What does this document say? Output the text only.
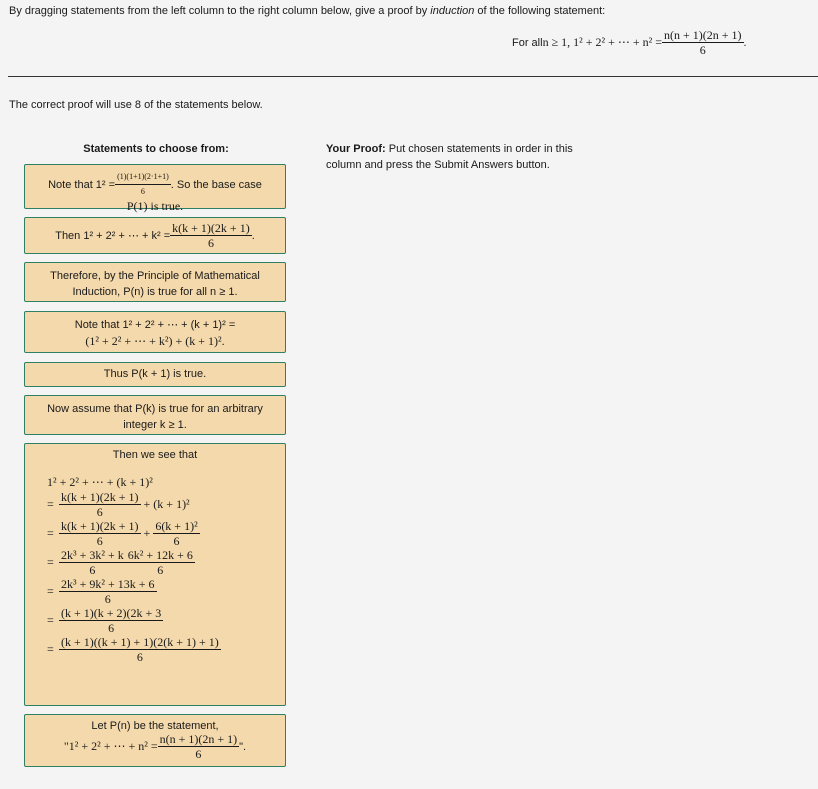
By dragging statements from the left column to the right column below, give a proof by induction of the following statement:
For all n ≥ 1, 1² + 2² + ⋯ + $n^2 = \frac{n(n + 1)(2n + 1)}{6}$ .
The correct proof will use 8 of the statements below.
Statements to choose from:	Your Proof: Put chosen statements in order in this column and press the Submit Answers button.
Note that $1^2 = \frac{(1)(1+1)(2\cdot 1+1)}{6}$ . So the base case
P(1) is true.
Then 1² + 2² + ⋯ + $k^2 = \frac{k(k + 1)(2k + 1)}{6}$ .
Therefore, by the Principle of Mathematical
Induction, P(n) is true for all n ≥ 1.
Note that 1² + 2² + ⋯ + (k + 1)² =
(1² + 2² + ⋯ + k²) + (k + 1)².
Thus P(k + 1) is true.
Now assume that P(k) is true for an arbitrary
integer k ≥ 1.
Then we see that
1² + 2² + ⋯ + (k + 1)²
= $\frac{k(k + 1)(2k + 1)}{6}$
+ (k + 1)²
= $\frac{k(k + 1)(2k + 1)}{6}$
+
$\frac{\text{6(k + 1)²}}{6}$
= $\frac{\text{2k³ + 3k² + k}}{6} \frac{\text{6k² + 12k + 6}}{6}$
= $\frac{\text{2k³ + 9k² + 13k + 6}}{6}$
= $\frac{(k + 1)(k + 2)(2k + 3}{6}$
= $\frac{(k + 1)((k + 1) + 1)(2(k + 1) + 1)}{6}$
Let P(n) be the statement,
"1² + 2² + ⋯ + $n^2 = \frac{n(n + 1)(2n + 1)}{6}$ ".
